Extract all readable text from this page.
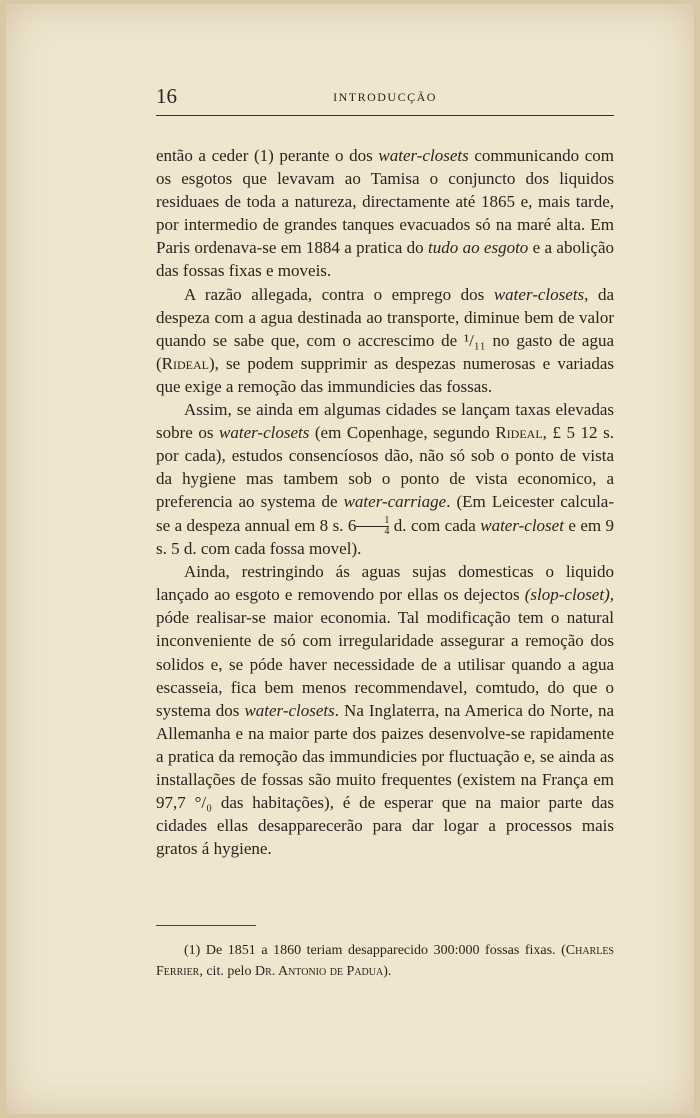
16	INTRODUCÇÃO

então a ceder (1) perante o dos water-closets communicando com os esgotos que levavam ao Tamisa o conjuncto dos liquidos residuaes de toda a natureza, directamente até 1865 e, mais tarde, por intermedio de grandes tanques evacuados só na maré alta. Em Paris ordenava-se em 1884 a pratica do tudo ao esgoto e a abolição das fossas fixas e moveis.

A razão allegada, contra o emprego dos water-closets, da despeza com a agua destinada ao transporte, diminue bem de valor quando se sabe que, com o accrescimo de ¹/₁₁ no gasto de agua (Rideal), se podem supprimir as despezas numerosas e variadas que exige a remoção das immundicies das fossas.

Assim, se ainda em algumas cidades se lançam taxas elevadas sobre os water-closets (em Copenhage, segundo Rideal, £ 5 12 s. por cada), estudos consencíosos dão, não só sob o ponto de vista da hygiene mas tambem sob o ponto de vista economico, a preferencia ao systema de water-carriage. (Em Leicester calcula-se a despeza annual em 8 s. $6 \frac{1}{4} d$. com cada water-closet e em 9 s. 5 d. com cada fossa movel).

Ainda, restringindo ás aguas sujas domesticas o liquido lançado ao esgoto e removendo por ellas os dejectos (slop-closet), póde realisar-se maior economia. Tal modificação tem o natural inconveniente de só com irregularidade assegurar a remoção dos solidos e, se póde haver necessidade de a utilisar quando a agua escasseia, fica bem menos recommendavel, comtudo, do que o systema dos water-closets. Na Inglaterra, na America do Norte, na Allemanha e na maior parte dos paizes desenvolve-se rapidamente a pratica da remoção das immundicies por fluctuação e, se ainda as installações de fossas são muito frequentes (existem na França em 97,7 °/₀ das habitações), é de esperar que na maior parte das cidades ellas desapparecerão para dar logar a processos mais gratos á hygiene.

(1) De 1851 a 1860 teriam desapparecido 300:000 fossas fixas. (Charles Ferrier, cit. pelo Dr. Antonio de Padua).
